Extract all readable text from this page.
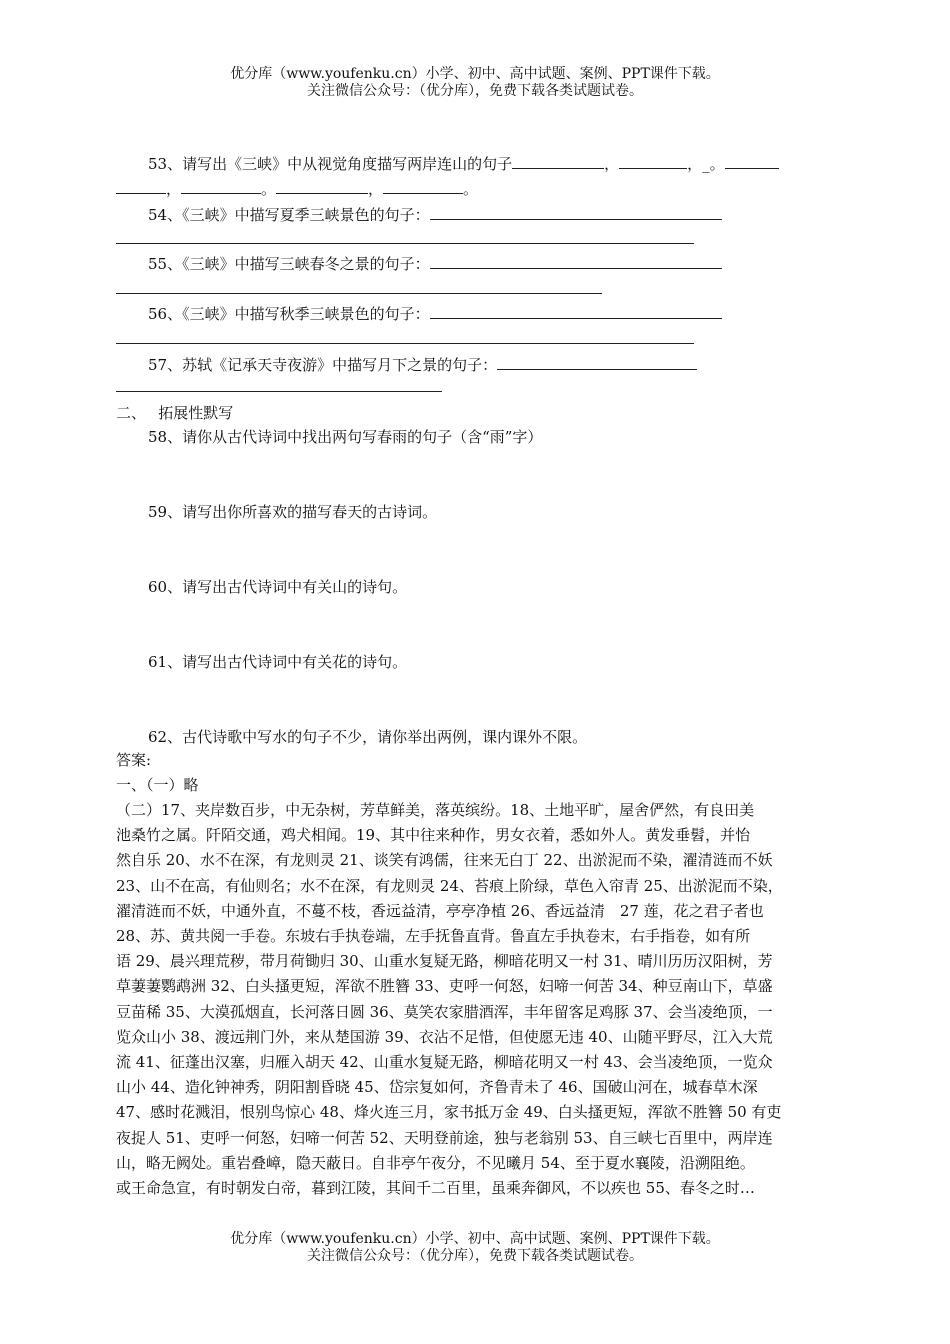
优分库（www.youfenku.cn）小学、初中、高中试题、案例、PPT课件下载。
关注微信公众号：（优分库），免费下载各类试题试卷。
53、请写出《三峡》中从视觉角度描写两岸连山的句子	，	，_。
，	。	，	。
54、《三峡》中描写夏季三峡景色的句子：
55、《三峡》中描写三峡春冬之景的句子：
56、《三峡》中描写秋季三峡景色的句子：
57、苏轼《记承天寺夜游》中描写月下之景的句子：
二、　 拓展性默写
58、请你从古代诗词中找出两句写春雨的句子（含“雨”字）
59、请写出你所喜欢的描写春天的古诗词。
60、请写出古代诗词中有关山的诗句。
61、请写出古代诗词中有关花的诗句。
62、古代诗歌中写水的句子不少，请你举出两例，课内课外不限。
答案:
一、（一）略

（二）17、夹岸数百步，中无杂树，芳草鲜美，落英缤纷。18、土地平旷，屋舍俨然，有良田美

池桑竹之属。阡陌交通，鸡犬相闻。19、其中往来种作，男女衣着，悉如外人。黄发垂髫，并怡

然自乐 20、水不在深，有龙则灵 21、谈笑有鸿儒，往来无白丁 22、出淤泥而不染，濯清涟而不妖

23、山不在高，有仙则名；水不在深，有龙则灵 24、苔痕上阶绿，草色入帘青 25、出淤泥而不染，

濯清涟而不妖，中通外直，不蔓不枝，香远益清，亭亭净植 26、香远益清　27 莲，花之君子者也

28、苏、黄共阅一手卷。东坡右手执卷端，左手抚鲁直背。鲁直左手执卷末，右手指卷，如有所

语 29、晨兴理荒秽，带月荷锄归 30、山重水复疑无路，柳暗花明又一村 31、晴川历历汉阳树，芳

草萋萋鹦鹉洲 32、白头搔更短，浑欲不胜簪 33、吏呼一何怒，妇啼一何苦 34、种豆南山下，草盛

豆苗稀 35、大漠孤烟直，长河落日圆 36、莫笑农家腊酒浑，丰年留客足鸡豚 37、会当凌绝顶，一

览众山小 38、渡远荆门外，来从楚国游 39、衣沾不足惜，但使愿无违 40、山随平野尽，江入大荒

流 41、征蓬出汉塞，归雁入胡天 42、山重水复疑无路，柳暗花明又一村 43、会当凌绝顶，一览众

山小 44、造化钟神秀，阴阳割昏晓 45、岱宗复如何，齐鲁青未了 46、国破山河在，城春草木深

47、感时花溅泪，恨别鸟惊心 48、烽火连三月，家书抵万金 49、白头搔更短，浑欲不胜簪 50 有吏

夜捉人 51、吏呼一何怒，妇啼一何苦 52、天明登前途，独与老翁别 53、自三峡七百里中，两岸连

山，略无阙处。重岩叠嶂，隐天蔽日。自非亭午夜分，不见曦月 54、至于夏水襄陵，沿溯阻绝。

或王命急宣，有时朝发白帝，暮到江陵，其间千二百里，虽乘奔御风，不以疾也 55、春冬之时…

优分库（www.youfenku.cn）小学、初中、高中试题、案例、PPT课件下载。
关注微信公众号：（优分库），免费下载各类试题试卷。
